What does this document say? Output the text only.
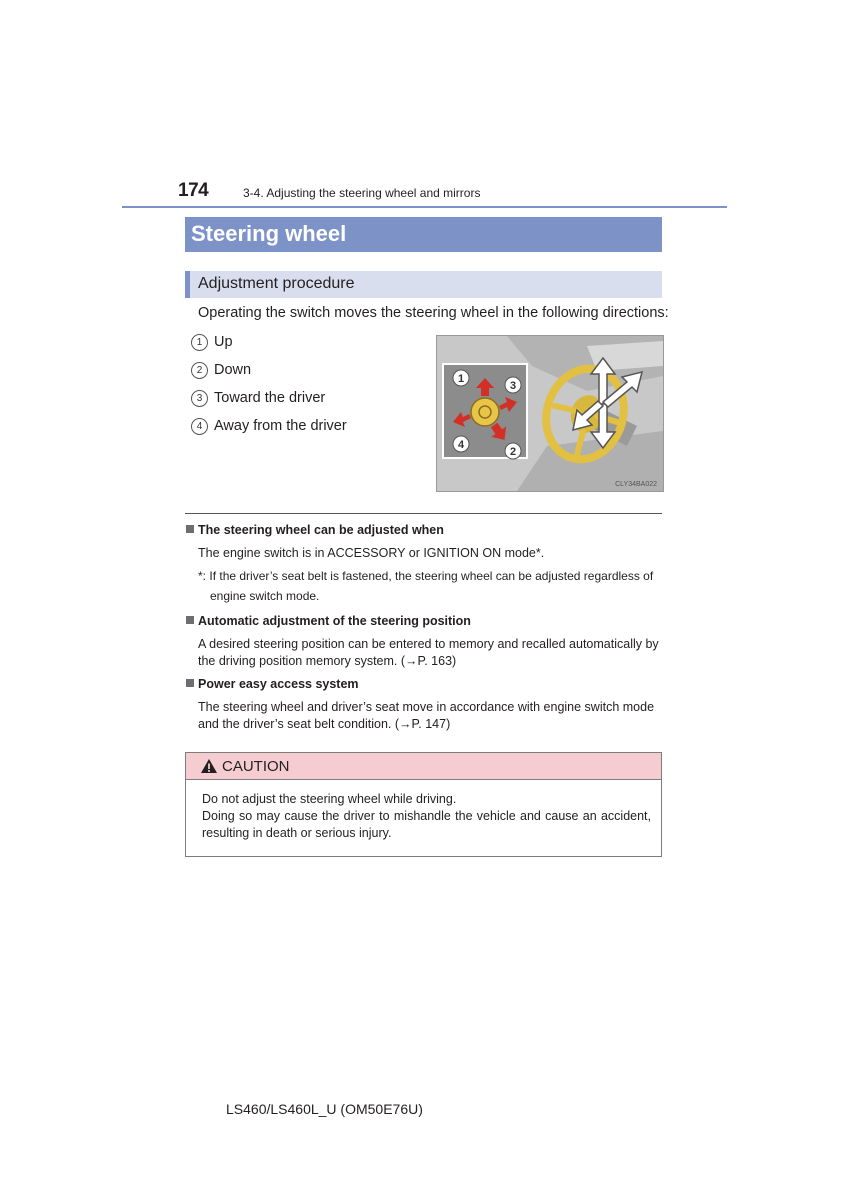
174	3-4. Adjusting the steering wheel and mirrors
Steering wheel
Adjustment procedure
Operating the switch moves the steering wheel in the following directions:
1 Up
2 Down
3 Toward the driver
4 Away from the driver
1
3
2
4
CLY34BA022
The steering wheel can be adjusted when
The engine switch is in ACCESSORY or IGNITION ON mode*.
*: If the driver’s seat belt is fastened, the steering wheel can be adjusted regardless of
engine switch mode.
Automatic adjustment of the steering position
A desired steering position can be entered to memory and recalled automatically by the driving position memory system. (→P. 163)
Power easy access system
The steering wheel and driver’s seat move in accordance with engine switch mode and the driver’s seat belt condition. (→P. 147)
CAUTION
Do not adjust the steering wheel while driving.
Doing so may cause the driver to mishandle the vehicle and cause an accident, resulting in death or serious injury.
LS460/LS460L_U (OM50E76U)
